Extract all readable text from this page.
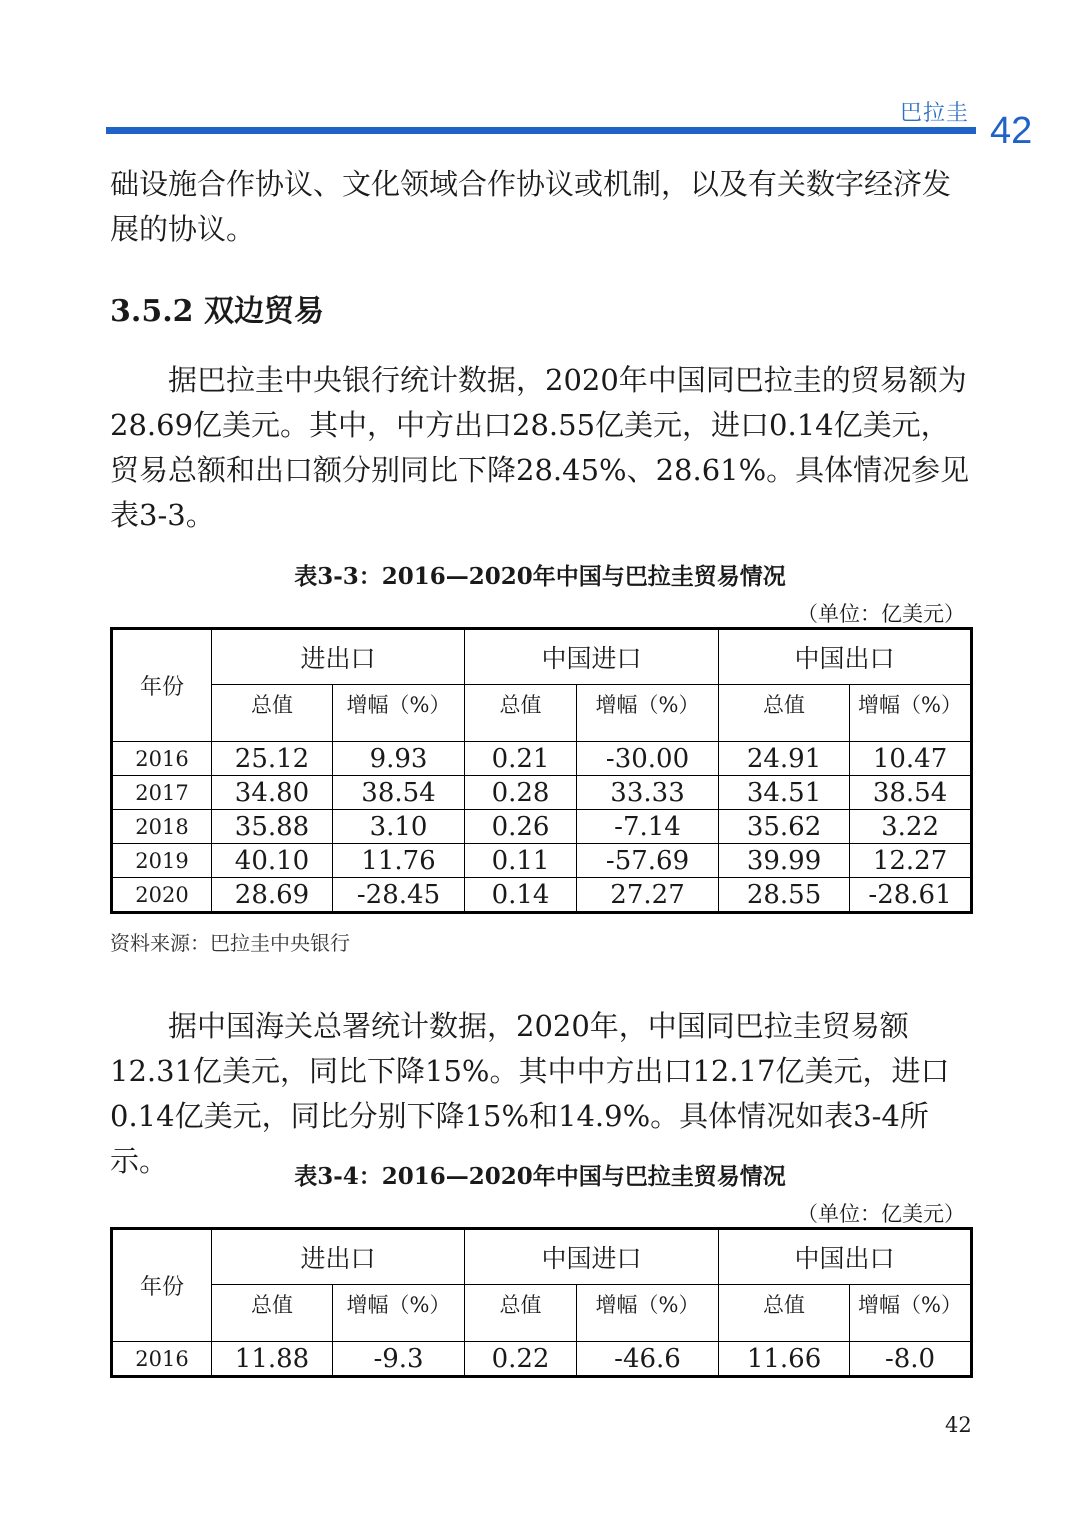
巴拉圭 42

础设施合作协议、文化领域合作协议或机制，以及有关数字经济发展的协议。

3.5.2 双边贸易

　　据巴拉圭中央银行统计数据，2020年中国同巴拉圭的贸易额为28.69亿美元。其中，中方出口28.55亿美元，进口0.14亿美元，贸易总额和出口额分别同比下降28.45%、28.61%。具体情况参见表3-3。

表3-3：2016—2020年中国与巴拉圭贸易情况

（单位：亿美元）

年份	进出口		中国进口		中国出口	
	总值	增幅（%）	总值	增幅（%）	总值	增幅（%）
2016	25.12	9.93	0.21	-30.00	24.91	10.47
2017	34.80	38.54	0.28	33.33	34.51	38.54
2018	35.88	3.10	0.26	-7.14	35.62	3.22
2019	40.10	11.76	0.11	-57.69	39.99	12.27
2020	28.69	-28.45	0.14	27.27	28.55	-28.61

资料来源：巴拉圭中央银行

　　据中国海关总署统计数据，2020年，中国同巴拉圭贸易额12.31亿美元，同比下降15%。其中中方出口12.17亿美元，进口0.14亿美元，同比分别下降15%和14.9%。具体情况如表3-4所示。	表3-4：2016—2020年中国与巴拉圭贸易情况

（单位：亿美元）

年份	进出口		中国进口		中国出口	
	总值	增幅（%）	总值	增幅（%）	总值	增幅（%）
2016	11.88	-9.3	0.22	-46.6	11.66	-8.0
42
